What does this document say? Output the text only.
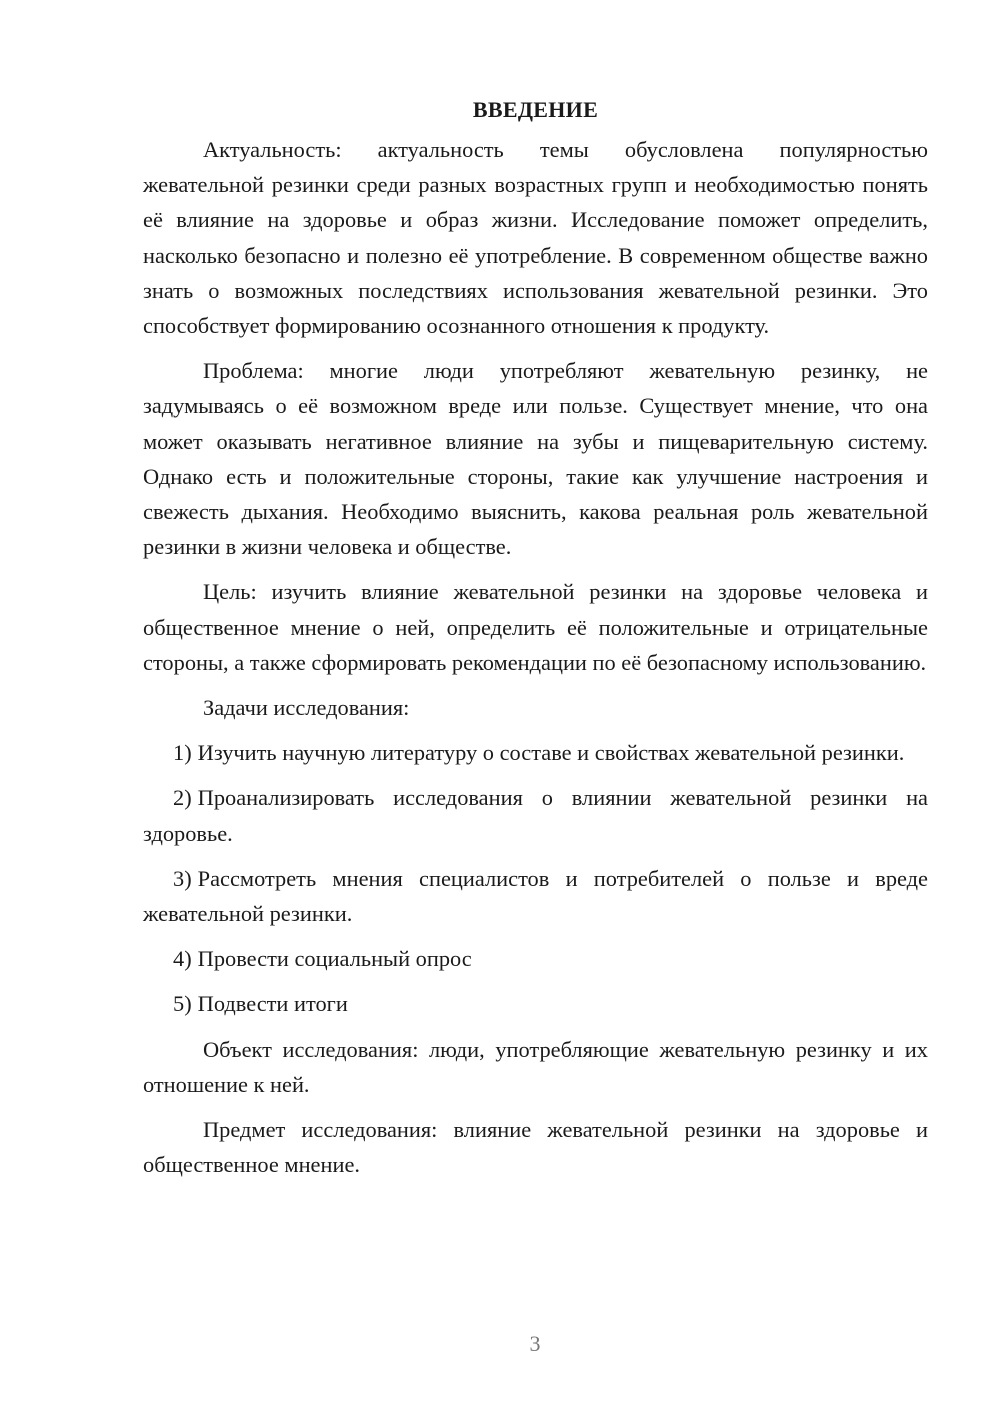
ВВЕДЕНИЕ

Актуальность: актуальность темы обусловлена популярностью жевательной резинки среди разных возрастных групп и необходимостью понять её влияние на здоровье и образ жизни. Исследование поможет определить, насколько безопасно и полезно её употребление. В современном обществе важно знать о возможных последствиях использования жевательной резинки. Это способствует формированию осознанного отношения к продукту.

Проблема: многие люди употребляют жевательную резинку, не задумываясь о её возможном вреде или пользе. Существует мнение, что она может оказывать негативное влияние на зубы и пищеварительную систему. Однако есть и положительные стороны, такие как улучшение настроения и свежесть дыхания. Необходимо выяснить, какова реальная роль жевательной резинки в жизни человека и обществе.

Цель: изучить влияние жевательной резинки на здоровье человека и общественное мнение о ней, определить её положительные и отрицательные стороны, а также сформировать рекомендации по её безопасному использованию.

Задачи исследования:

1) Изучить научную литературу о составе и свойствах жевательной резинки.

2) Проанализировать исследования о влиянии жевательной резинки на здоровье.

3) Рассмотреть мнения специалистов и потребителей о пользе и вреде жевательной резинки.

4) Провести социальный опрос

5) Подвести итоги

Объект исследования: люди, употребляющие жевательную резинку и их отношение к ней.

Предмет исследования: влияние жевательной резинки на здоровье и общественное мнение.

3
